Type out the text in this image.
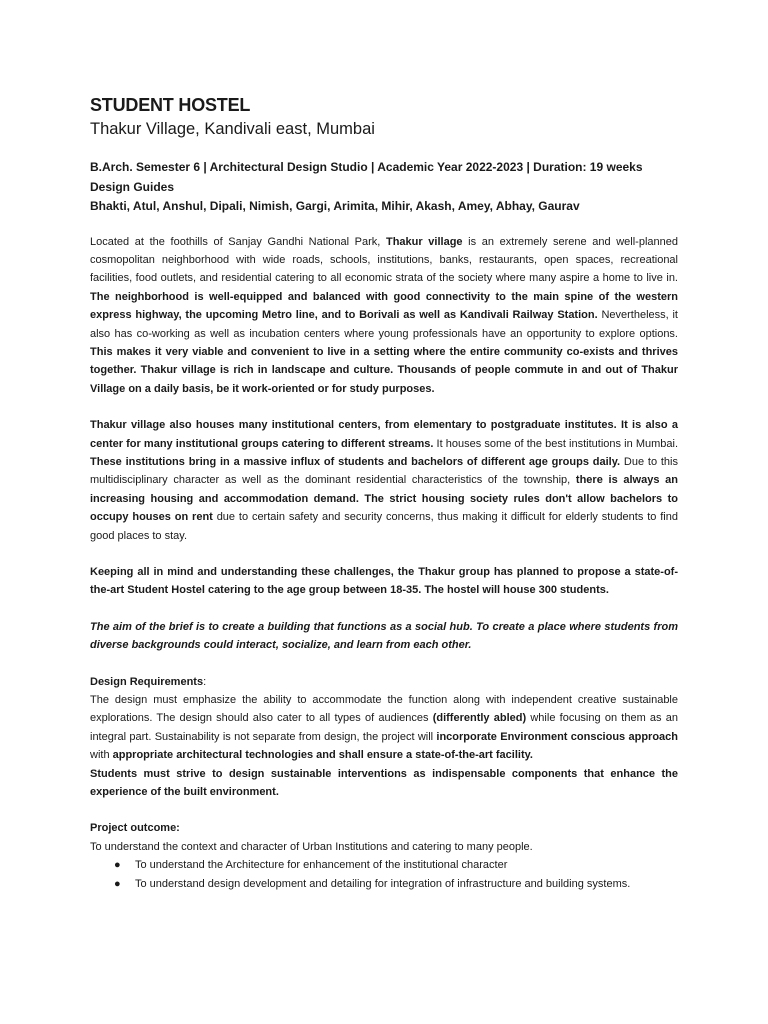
STUDENT HOSTEL
Thakur Village, Kandivali east, Mumbai
B.Arch. Semester 6 | Architectural Design Studio | Academic Year 2022-2023 | Duration: 19 weeks
Design Guides
Bhakti, Atul, Anshul, Dipali, Nimish, Gargi, Arimita, Mihir, Akash, Amey, Abhay, Gaurav

Located at the foothills of Sanjay Gandhi National Park, Thakur village is an extremely serene and well-planned cosmopolitan neighborhood with wide roads, schools, institutions, banks, restaurants, open spaces, recreational facilities, food outlets, and residential catering to all economic strata of the society where many aspire a home to live in. The neighborhood is well-equipped and balanced with good connectivity to the main spine of the western express highway, the upcoming Metro line, and to Borivali as well as Kandivali Railway Station. Nevertheless, it also has co-working as well as incubation centers where young professionals have an opportunity to explore options. This makes it very viable and convenient to live in a setting where the entire community co-exists and thrives together. Thakur village is rich in landscape and culture. Thousands of people commute in and out of Thakur Village on a daily basis, be it work-oriented or for study purposes.

Thakur village also houses many institutional centers, from elementary to postgraduate institutes. It is also a center for many institutional groups catering to different streams. It houses some of the best institutions in Mumbai. These institutions bring in a massive influx of students and bachelors of different age groups daily. Due to this multidisciplinary character as well as the dominant residential characteristics of the township, there is always an increasing housing and accommodation demand. The strict housing society rules don't allow bachelors to occupy houses on rent due to certain safety and security concerns, thus making it difficult for elderly students to find good places to stay.

Keeping all in mind and understanding these challenges, the Thakur group has planned to propose a state-of-the-art Student Hostel catering to the age group between 18-35. The hostel will house 300 students.

The aim of the brief is to create a building that functions as a social hub. To create a place where students from diverse backgrounds could interact, socialize, and learn from each other.

Design Requirements:

The design must emphasize the ability to accommodate the function along with independent creative sustainable explorations. The design should also cater to all types of audiences (differently abled) while focusing on them as an integral part. Sustainability is not separate from design, the project will incorporate Environment conscious approach with appropriate architectural technologies and shall ensure a state-of-the-art facility.

Students must strive to design sustainable interventions as indispensable components that enhance the experience of the built environment.

Project outcome:

To understand the context and character of Urban Institutions and catering to many people.

● To understand the Architecture for enhancement of the institutional character
● To understand design development and detailing for integration of infrastructure and building systems.
